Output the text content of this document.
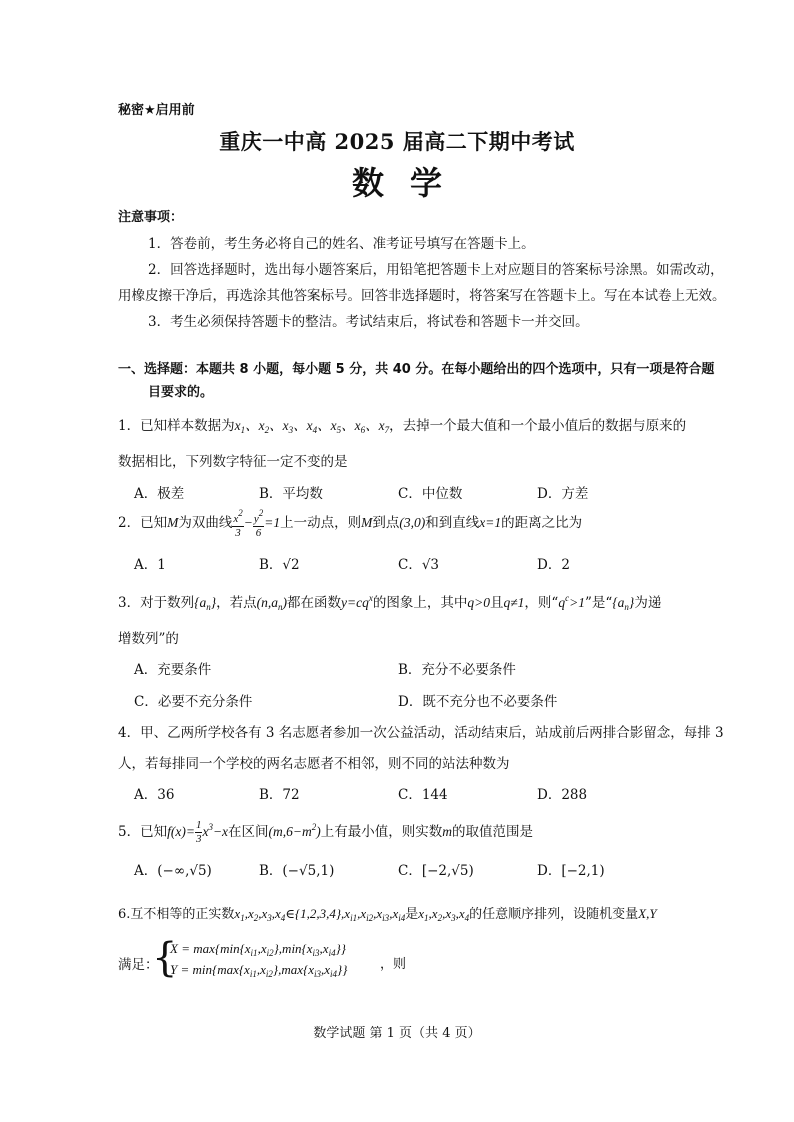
秘密★启用前
重庆一中高 2025 届高二下期中考试
数学
注意事项：
1．答卷前，考生务必将自己的姓名、准考证号填写在答题卡上。
2．回答选择题时，选出每小题答案后，用铅笔把答题卡上对应题目的答案标号涂黑。如需改动，
用橡皮擦干净后，再选涂其他答案标号。回答非选择题时，将答案写在答题卡上。写在本试卷上无效。
3．考生必须保持答题卡的整洁。考试结束后，将试卷和答题卡一并交回。
一、选择题：本题共 8 小题，每小题 5 分，共 40 分。在每小题给出的四个选项中，只有一项是符合题
目要求的。
1．已知样本数据为$x_1$、$x_2$、$x_3$、$x_4$、$x_5$、$x_6$、$x_7$，去掉一个最大值和一个最小值后的数据与原来的
数据相比，下列数字特征一定不变的是
A．极差	B．平均数	C．中位数	D．方差
2．已知M为双曲线 $\frac{x^2}{3} - \frac{y^2}{6} =1$上一动点，则M到点(3,0)和到直线x=1的距离之比为
A．1	B．√2	C．√3	D．2
3．对于数列$\{a_n\}$，若点$(n,a_n)$都在函数$y=cq^x$的图象上，其中q>0且q≠1，则“$q^c>1$”是“$\{a_n\}$为递
增数列”的
A．充要条件	B．充分不必要条件
C．必要不充分条件	D．既不充分也不必要条件
4．甲、乙两所学校各有 3 名志愿者参加一次公益活动，活动结束后，站成前后两排合影留念，每排 3
人，若每排同一个学校的两名志愿者不相邻，则不同的站法种数为
A．36	B．72	C．144	D．288
5．已知$f(x)= \frac{1}{3} x^3-x$在区间$(m,6-m^2)$上有最小值，则实数m的取值范围是
A．(−∞,√5)	B．(−√5,1)	C．[−2,√5)	D．[−2,1)
6.互不相等的正实数$x_1,x_2,x_3,x_4\in\{1,2,3,4\},x_{i1},x_{i2},x_{i3},x_{i4}$是$x_1,x_2,x_3,x_4$的任意顺序排列，设随机变量X,Y
满足：
{
$X = \max\{\min\{x_{i1},x_{i2}\},\min\{x_{i3},x_{i4}\}\}$
$Y = \min\{\max\{x_{i1},x_{i2}\},\max\{x_{i3},x_{i4}\}\}$	，则
数学试题 第 1 页（共 4 页）
